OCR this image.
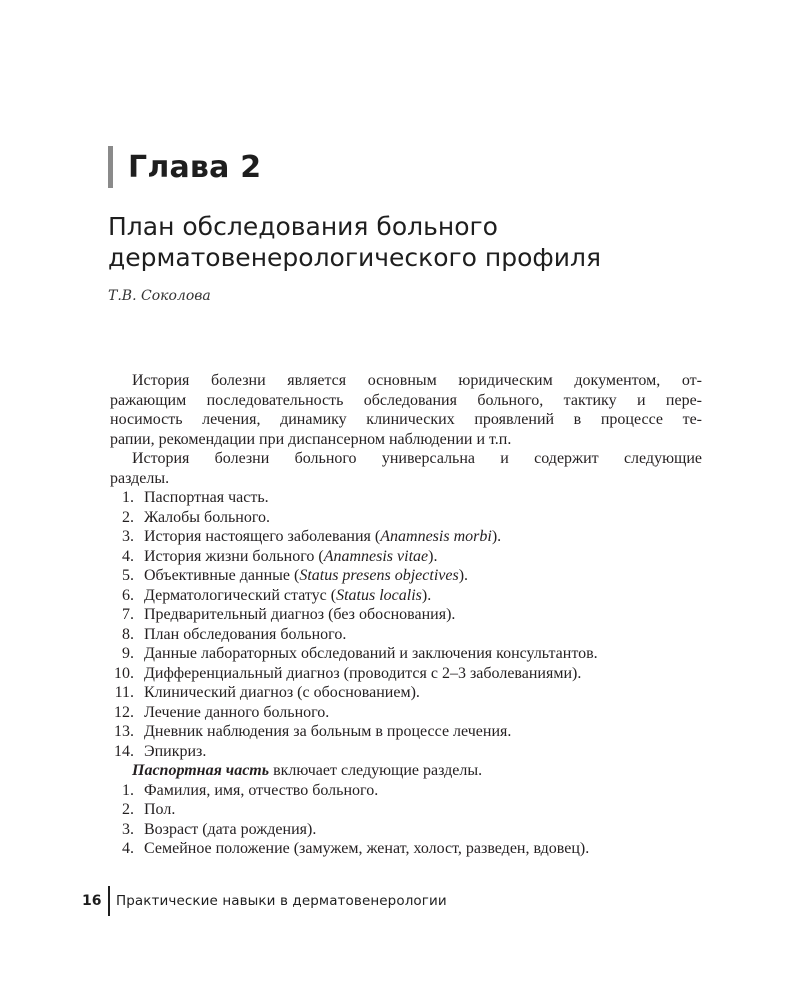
Глава 2
План обследования больного
дерматовенерологического профиля
Т.В. Соколова
История болезни является основным юридическим документом, от-
ражающим последовательность обследования больного, тактику и пере-
носимость лечения, динамику клинических проявлений в процессе те-
рапии, рекомендации при диспансерном наблюдении и т.п.
История болезни больного универсальна и содержит следующие
разделы.
1. Паспортная часть.
2. Жалобы больного.
3. История настоящего заболевания (Anamnesis morbi).
4. История жизни больного (Anamnesis vitae).
5. Объективные данные (Status presens objectives).
6. Дерматологический статус (Status localis).
7. Предварительный диагноз (без обоснования).
8. План обследования больного.
9. Данные лабораторных обследований и заключения консультантов.
10. Дифференциальный диагноз (проводится с 2–3 заболеваниями).
11. Клинический диагноз (с обоснованием).
12. Лечение данного больного.
13. Дневник наблюдения за больным в процессе лечения.
14. Эпикриз.
Паспортная часть включает следующие разделы.
1. Фамилия, имя, отчество больного.
2. Пол.
3. Возраст (дата рождения).
4. Семейное положение (замужем, женат, холост, разведен, вдовец).
16 Практические навыки в дерматовенерологии
